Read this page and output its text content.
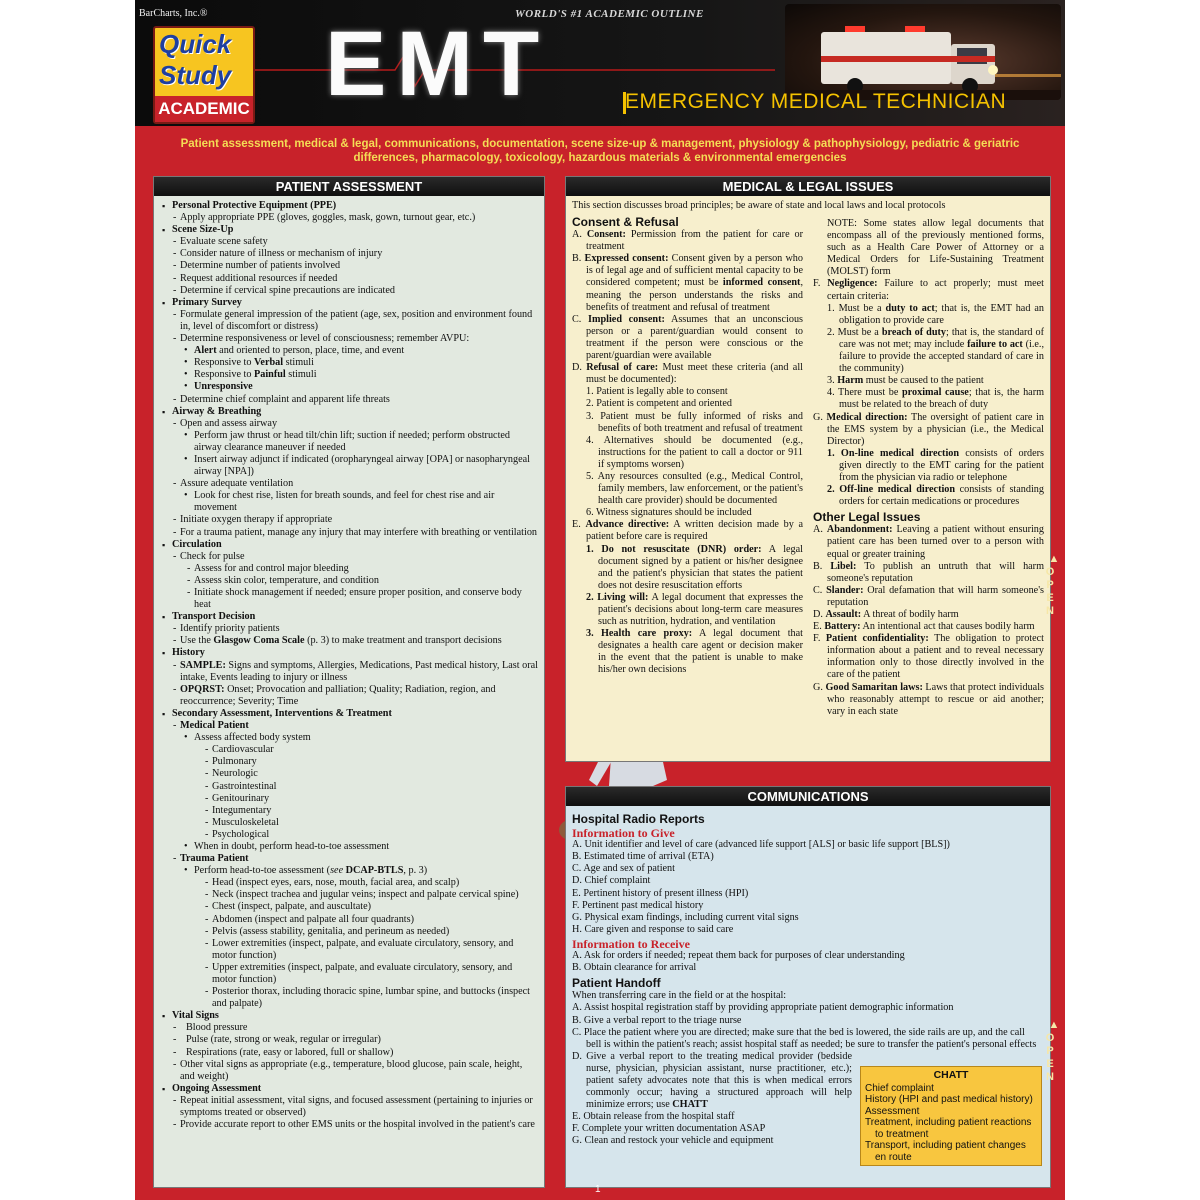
BarCharts, Inc.®	WORLD'S #1 ACADEMIC OUTLINE
Quick
Study
ACADEMIC EMT	EMERGENCY MEDICAL TECHNICIAN
Patient assessment, medical & legal, communications, documentation, scene size-up & management, physiology & pathophysiology, pediatric & geriatric differences, pharmacology, toxicology, hazardous materials & environmental emergencies
PATIENT ASSESSMENT
▪ Personal Protective Equipment (PPE)
- Apply appropriate PPE (gloves, goggles, mask, gown, turnout gear, etc.)
▪ Scene Size-Up
- Evaluate scene safety
- Consider nature of illness or mechanism of injury
- Determine number of patients involved
- Request additional resources if needed
- Determine if cervical spine precautions are indicated
▪ Primary Survey
- Formulate general impression of the patient (age, sex, position and environment found in, level of discomfort or distress)
- Determine responsiveness or level of consciousness; remember AVPU:
• Alert and oriented to person, place, time, and event
• Responsive to Verbal stimuli
• Responsive to Painful stimuli
• Unresponsive
- Determine chief complaint and apparent life threats
▪ Airway & Breathing
- Open and assess airway
• Perform jaw thrust or head tilt/chin lift; suction if needed; perform obstructed airway clearance maneuver if needed
• Insert airway adjunct if indicated (oropharyngeal airway [OPA] or nasopharyngeal airway [NPA])
- Assure adequate ventilation
• Look for chest rise, listen for breath sounds, and feel for chest rise and air movement
- Initiate oxygen therapy if appropriate
- For a trauma patient, manage any injury that may interfere with breathing or ventilation
▪ Circulation
- Check for pulse
- Assess for and control major bleeding
- Assess skin color, temperature, and condition
- Initiate shock management if needed; ensure proper position, and conserve body heat
▪ Transport Decision
- Identify priority patients
- Use the Glasgow Coma Scale (p. 3) to make treatment and transport decisions
▪ History
- SAMPLE: Signs and symptoms, Allergies, Medications, Past medical history, Last oral intake, Events leading to injury or illness
- OPQRST: Onset; Provocation and palliation; Quality; Radiation, region, and reoccurrence; Severity; Time
▪ Secondary Assessment, Interventions & Treatment
- Medical Patient
• Assess affected body system
- Cardiovascular
- Pulmonary
- Neurologic
- Gastrointestinal
- Genitourinary
- Integumentary
- Musculoskeletal
- Psychological
• When in doubt, perform head-to-toe assessment
- Trauma Patient
• Perform head-to-toe assessment (see DCAP-BTLS, p. 3)
- Head (inspect eyes, ears, nose, mouth, facial area, and scalp)
- Neck (inspect trachea and jugular veins; inspect and palpate cervical spine)
- Chest (inspect, palpate, and auscultate)
- Abdomen (inspect and palpate all four quadrants)
- Pelvis (assess stability, genitalia, and perineum as needed)
- Lower extremities (inspect, palpate, and evaluate circulatory, sensory, and motor function)
- Upper extremities (inspect, palpate, and evaluate circulatory, sensory, and motor function)
- Posterior thorax, including thoracic spine, lumbar spine, and buttocks (inspect and palpate)
▪ Vital Signs
- Blood pressure
- Pulse (rate, strong or weak, regular or irregular)
- Respirations (rate, easy or labored, full or shallow)
- Other vital signs as appropriate (e.g., temperature, blood glucose, pain scale, height, and weight)
▪ Ongoing Assessment
- Repeat initial assessment, vital signs, and focused assessment (pertaining to injuries or symptoms treated or observed)
- Provide accurate report to other EMS units or the hospital involved in the patient's care
MEDICAL & LEGAL ISSUES
This section discusses broad principles; be aware of state and local laws and local protocols
Consent & Refusal
A. Consent: Permission from the patient for care or treatment
B. Expressed consent: Consent given by a person who is of legal age and of sufficient mental capacity to be considered competent; must be informed consent, meaning the person understands the risks and benefits of treatment and refusal of treatment
C. Implied consent: Assumes that an unconscious person or a parent/guardian would consent to treatment if the person were conscious or the parent/guardian were available
D. Refusal of care: Must meet these criteria (and all must be documented):
1. Patient is legally able to consent
2. Patient is competent and oriented
3. Patient must be fully informed of risks and benefits of both treatment and refusal of treatment
4. Alternatives should be documented (e.g., instructions for the patient to call a doctor or 911 if symptoms worsen)
5. Any resources consulted (e.g., Medical Control, family members, law enforcement, or the patient's health care provider) should be documented
6. Witness signatures should be included
E. Advance directive: A written decision made by a patient before care is required
1. Do not resuscitate (DNR) order: A legal document signed by a patient or his/her designee and the patient's physician that states the patient does not desire resuscitation efforts
2. Living will: A legal document that expresses the patient's decisions about long-term care measures such as nutrition, hydration, and ventilation
3. Health care proxy: A legal document that designates a health care agent or decision maker in the event that the patient is unable to make his/her own decisions
NOTE: Some states allow legal documents that encompass all of the previously mentioned forms, such as a Health Care Power of Attorney or a Medical Orders for Life-Sustaining Treatment (MOLST) form
F. Negligence: Failure to act properly; must meet certain criteria:
1. Must be a duty to act; that is, the EMT had an obligation to provide care
2. Must be a breach of duty; that is, the standard of care was not met; may include failure to act (i.e., failure to provide the accepted standard of care in the community)
3. Harm must be caused to the patient
4. There must be proximal cause; that is, the harm must be related to the breach of duty
G. Medical direction: The oversight of patient care in the EMS system by a physician (i.e., the Medical Director)
1. On-line medical direction consists of orders given directly to the EMT caring for the patient from the physician via radio or telephone
2. Off-line medical direction consists of standing orders for certain medications or procedures
Other Legal Issues
A. Abandonment: Leaving a patient without ensuring patient care has been turned over to a person with equal or greater training
B. Libel: To publish an untruth that will harm someone's reputation
C. Slander: Oral defamation that will harm someone's reputation
D. Assault: A threat of bodily harm
E. Battery: An intentional act that causes bodily harm
F. Patient confidentiality: The obligation to protect information about a patient and to reveal necessary information only to those directly involved in the care of the patient
G. Good Samaritan laws: Laws that protect individuals who reasonably attempt to rescue or aid another; vary in each state
COMMUNICATIONS
Hospital Radio Reports
Information to Give
A. Unit identifier and level of care (advanced life support [ALS] or basic life support [BLS])
B. Estimated time of arrival (ETA)
C. Age and sex of patient
D. Chief complaint
E. Pertinent history of present illness (HPI)
F. Pertinent past medical history
G. Physical exam findings, including current vital signs
H. Care given and response to said care
Information to Receive
A. Ask for orders if needed; repeat them back for purposes of clear understanding
B. Obtain clearance for arrival
Patient Handoff
When transferring care in the field or at the hospital:
A. Assist hospital registration staff by providing appropriate patient demographic information
B. Give a verbal report to the triage nurse
C. Place the patient where you are directed; make sure that the bed is lowered, the side rails are up, and the call bell is within the patient's reach; assist hospital staff as needed; be sure to transfer the patient's personal effects
D. Give a verbal report to the treating medical provider (bedside nurse, physician, physician assistant, nurse practitioner, etc.); patient safety advocates note that this is when medical errors commonly occur; having a structured approach will help minimize errors; use CHATT
E. Obtain release from the hospital staff
F. Complete your written documentation ASAP
G. Clean and restock your vehicle and equipment
▲
OPEN
▲
OPEN
1
CHATT
Chief complaint
History (HPI and past medical history)
Assessment
Treatment, including patient reactions
to treatment
Transport, including patient changes
en route
